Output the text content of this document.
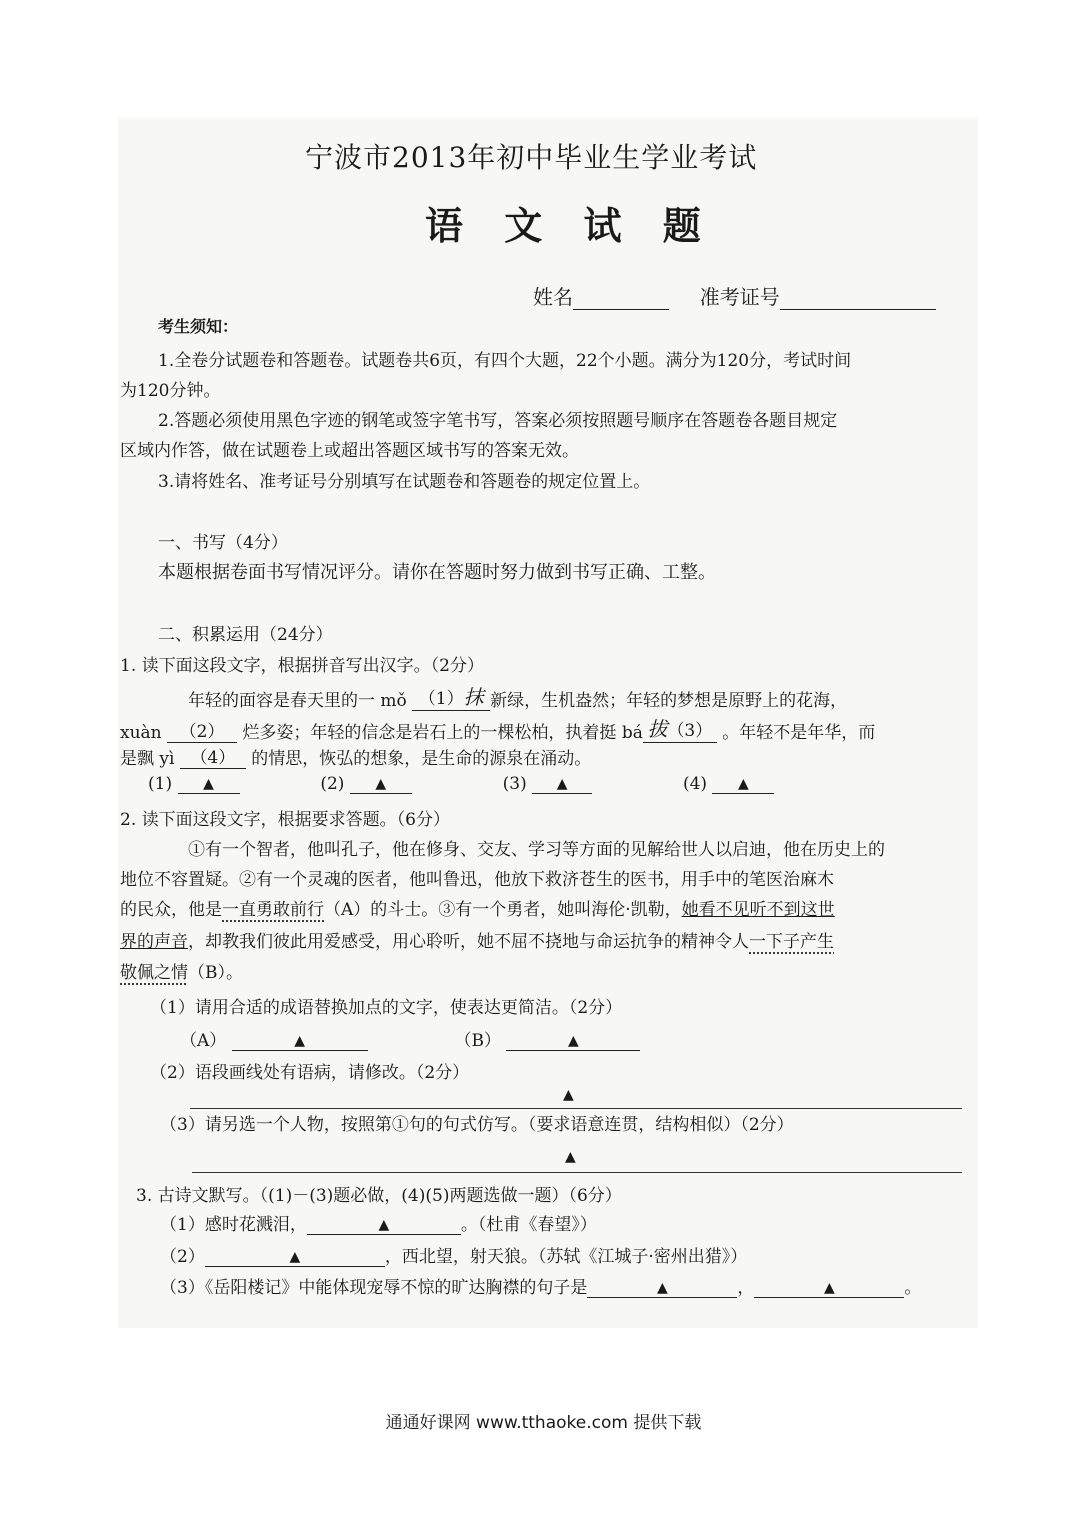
宁波市2013年初中毕业生学业考试
语 文 试 题
姓名	准考证号
考生须知：
1.全卷分试题卷和答题卷。试题卷共6页，有四个大题，22个小题。满分为120分，考试时间
为120分钟。
2.答题必须使用黑色字迹的钢笔或签字笔书写，答案必须按照题号顺序在答题卷各题目规定
区域内作答，做在试题卷上或超出答题区域书写的答案无效。
3.请将姓名、准考证号分别填写在试题卷和答题卷的规定位置上。
一、书写（4分）
本题根据卷面书写情况评分。请你在答题时努力做到书写正确、工整。
二、积累运用（24分）
1. 读下面这段文字，根据拼音写出汉字。（2分）
年轻的面容是春天里的一 mǒ （1）抹 新绿，生机盎然；年轻的梦想是原野上的花海，
xuàn （2） 烂多姿；年轻的信念是岩石上的一棵松柏，执着挺 bá 拔（3） 。年轻不是年华，而
是飘 yì （4） 的情思，恢弘的想象，是生命的源泉在涌动。
(1) ▲	(2) ▲	(3) ▲	(4) ▲
2. 读下面这段文字，根据要求答题。（6分）
①有一个智者，他叫孔子，他在修身、交友、学习等方面的见解给世人以启迪，他在历史上的
地位不容置疑。②有一个灵魂的医者，他叫鲁迅，他放下救济苍生的医书，用手中的笔医治麻木
的民众，他是一直勇敢前行（A）的斗士。③有一个勇者，她叫海伦·凯勒，她看不见听不到这世
界的声音，却教我们彼此用爱感受，用心聆听，她不屈不挠地与命运抗争的精神令人一下子产生
敬佩之情（B）。
（1）请用合适的成语替换加点的文字，使表达更简洁。（2分）
（A）	▲	（B）	▲
（2）语段画线处有语病，请修改。（2分）
▲
（3）请另选一个人物，按照第①句的句式仿写。（要求语意连贯，结构相似）（2分）
▲
3. 古诗文默写。（(1)－(3)题必做，(4)(5)两题选做一题）（6分）
（1）感时花溅泪，	▲	。（杜甫《春望》）
（2）	▲	，西北望，射天狼。（苏轼《江城子·密州出猎》）
（3）《岳阳楼记》中能体现宠辱不惊的旷达胸襟的句子是	▲	，	▲	。
通通好课网 www.tthaoke.com 提供下载
